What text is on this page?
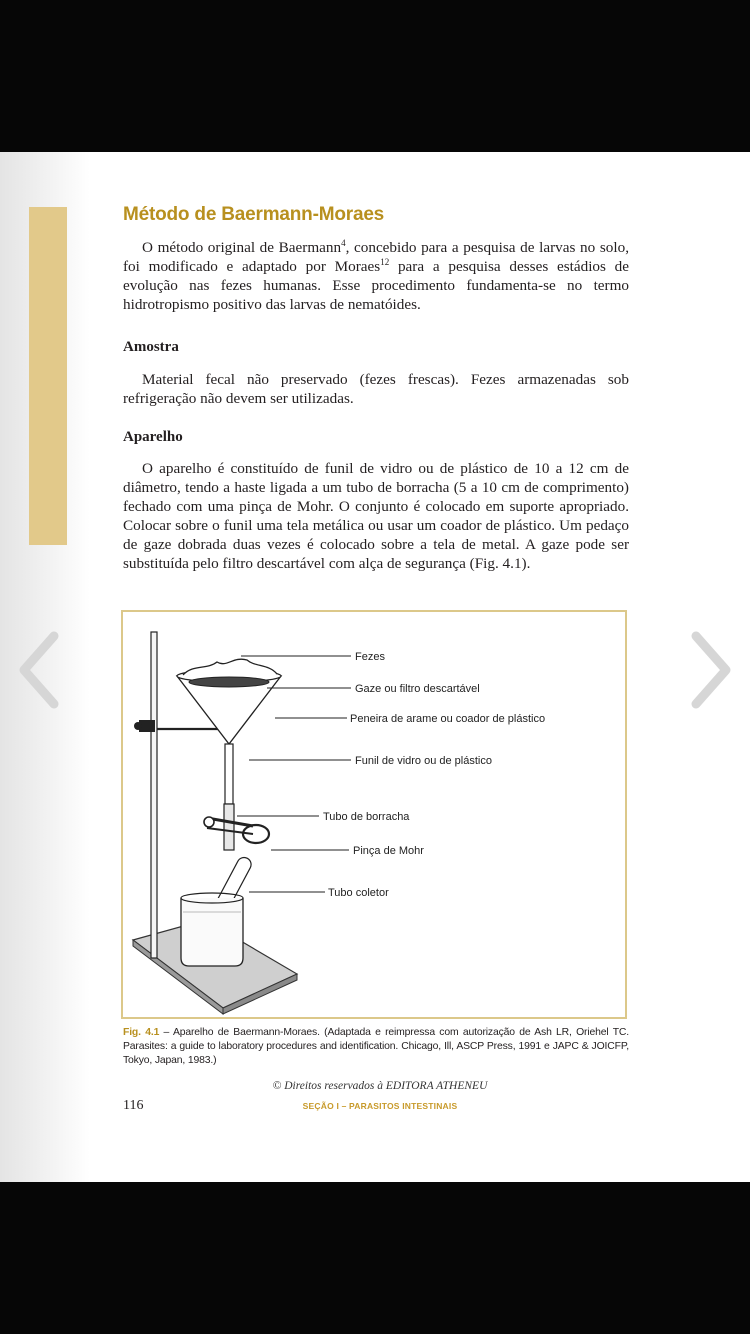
Método de Baermann-Moraes

O método original de Baermann$^4$, concebido para a pesquisa de larvas no solo, foi modificado e adaptado por Moraes$^{12}$ para a pesquisa desses estádios de evolução nas fezes humanas. Esse procedimento fundamenta-se no termo hidrotropismo positivo das larvas de nematóides.

Amostra

Material fecal não preservado (fezes frescas). Fezes armazenadas sob refrigeração não devem ser utilizadas.

Aparelho

O aparelho é constituído de funil de vidro ou de plástico de 10 a 12 cm de diâmetro, tendo a haste ligada a um tubo de borracha (5 a 10 cm de comprimento) fechado com uma pinça de Mohr. O conjunto é colocado em suporte apropriado. Colocar sobre o funil uma tela metálica ou usar um coador de plástico. Um pedaço de gaze dobrada duas vezes é colocado sobre a tela de metal. A gaze pode ser substituída pelo filtro descartável com alça de segurança (Fig. 4.1).

Fezes
Gaze ou filtro descartável
Peneira de arame ou coador de plástico
Funil de vidro ou de plástico
Tubo de borracha
Pinça de Mohr
Tubo coletor

Fig. 4.1 – Aparelho de Baermann-Moraes. (Adaptada e reimpressa com autorização de Ash LR, Oriehel TC. Parasites: a guide to laboratory procedures and identification. Chicago, Ill, ASCP Press, 1991 e JAPC & JOICFP, Tokyo, Japan, 1983.)

© Direitos reservados à EDITORA ATHENEU
116	SEÇÃO I – PARASITOS INTESTINAIS
